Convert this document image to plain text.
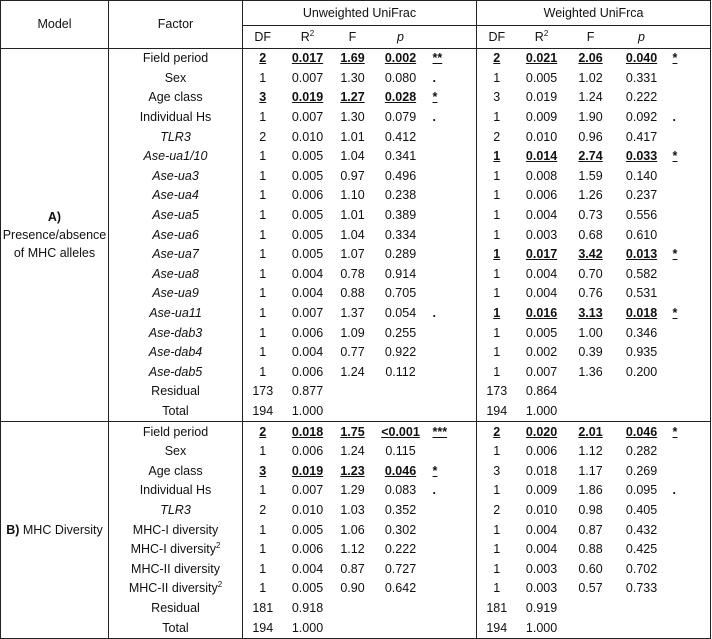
Model	Factor	Unweighted UniFrac					Weighted UniFrca				
		DF	$R^2$	F	p		DF	$R^2$	F	p	

A)
Presence/absence
of MHC alleles	Field period	2	0.017	1.69	0.002	**	2	0.021	2.06	0.040	*
	Sex	1	0.007	1.30	0.080	.	1	0.005	1.02	0.331	
	Age class	3	0.019	1.27	0.028	*	3	0.019	1.24	0.222	
	Individual Hs	1	0.007	1.30	0.079	.	1	0.009	1.90	0.092	.
	TLR3	2	0.010	1.01	0.412		2	0.010	0.96	0.417	
	Ase-ua1/10	1	0.005	1.04	0.341		1	0.014	2.74	0.033	*
	Ase-ua3	1	0.005	0.97	0.496		1	0.008	1.59	0.140	
	Ase-ua4	1	0.006	1.10	0.238		1	0.006	1.26	0.237	
	Ase-ua5	1	0.005	1.01	0.389		1	0.004	0.73	0.556	
	Ase-ua6	1	0.005	1.04	0.334		1	0.003	0.68	0.610	
	Ase-ua7	1	0.005	1.07	0.289		1	0.017	3.42	0.013	*
	Ase-ua8	1	0.004	0.78	0.914		1	0.004	0.70	0.582	
	Ase-ua9	1	0.004	0.88	0.705		1	0.004	0.76	0.531	
	Ase-ua11	1	0.007	1.37	0.054	.	1	0.016	3.13	0.018	*
	Ase-dab3	1	0.006	1.09	0.255		1	0.005	1.00	0.346	
	Ase-dab4	1	0.004	0.77	0.922		1	0.002	0.39	0.935	
	Ase-dab5	1	0.006	1.24	0.112		1	0.007	1.36	0.200	
	Residual	173	0.877				173	0.864			
	Total	194	1.000				194	1.000			
B) MHC Diversity	Field period	2	0.018	1.75	<0.001	***	2	0.020	2.01	0.046	*
	Sex	1	0.006	1.24	0.115		1	0.006	1.12	0.282	
	Age class	3	0.019	1.23	0.046	*	3	0.018	1.17	0.269	
	Individual Hs	1	0.007	1.29	0.083	.	1	0.009	1.86	0.095	.
	TLR3	2	0.010	1.03	0.352		2	0.010	0.98	0.405	
	MHC-I diversity	1	0.005	1.06	0.302		1	0.004	0.87	0.432	
	MHC-I diversity$^2$	1	0.006	1.12	0.222		1	0.004	0.88	0.425	
	MHC-II diversity	1	0.004	0.87	0.727		1	0.003	0.60	0.702	
	MHC-II diversity$^2$	1	0.005	0.90	0.642		1	0.003	0.57	0.733	
	Residual	181	0.918				181	0.919			
	Total	194	1.000				194	1.000			
